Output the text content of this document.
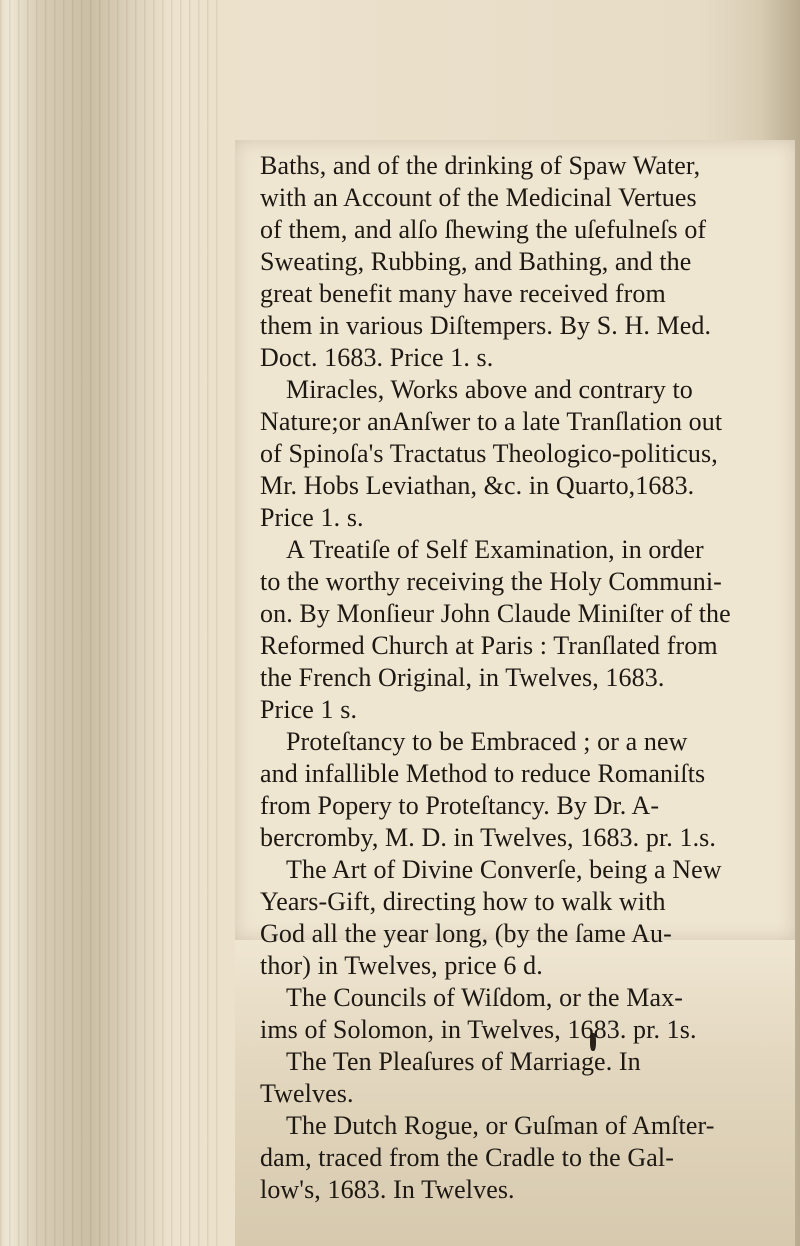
Baths, and of the drinking of Spaw Water,
with an Account of the Medicinal Vertues
of them, and alſo ſhewing the uſefulneſs of
Sweating, Rubbing, and Bathing, and the
great benefit many have received from
them in various Diſtempers. By S. H. Med.
Doct. 1683. Price 1. s.
Miracles, Works above and contrary to
Nature;or anAnſwer to a late Tranſlation out
of Spinoſa's Tractatus Theologico-politicus,
Mr. Hobs Leviathan, &c. in Quarto,1683.
Price 1. s.
A Treatiſe of Self Examination, in order
to the worthy receiving the Holy Communi-
on. By Monſieur John Claude Miniſter of the
Reformed Church at Paris : Tranſlated from
the French Original, in Twelves, 1683.
Price 1 s.
Proteſtancy to be Embraced ; or a new
and infallible Method to reduce Romaniſts
from Popery to Proteſtancy. By Dr. A-
bercromby, M. D. in Twelves, 1683. pr. 1.s.
The Art of Divine Converſe, being a New
Years-Gift, directing how to walk with
God all the year long, (by the ſame Au-
thor) in Twelves, price 6 d.
The Councils of Wiſdom, or the Max-
ims of Solomon, in Twelves, 1683. pr. 1s.
The Ten Pleaſures of Marriage. In
Twelves.
The Dutch Rogue, or Guſman of Amſter-
dam, traced from the Cradle to the Gal-
low's, 1683. In Twelves.
